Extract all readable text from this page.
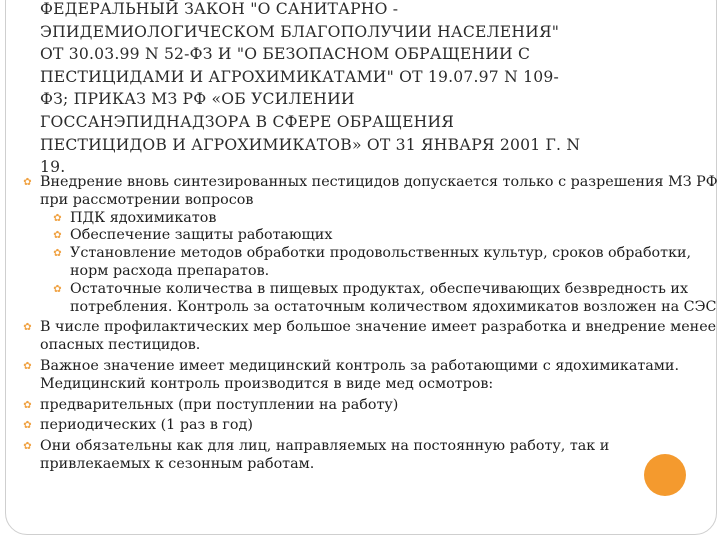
ФЕДЕРАЛЬНЫЙ ЗАКОН "О САНИТАРНО -
ЭПИДЕМИОЛОГИЧЕСКОМ БЛАГОПОЛУЧИИ НАСЕЛЕНИЯ"
ОТ 30.03.99 N 52-ФЗ И "О БЕЗОПАСНОМ ОБРАЩЕНИИ С
ПЕСТИЦИДАМИ И АГРОХИМИКАТАМИ" ОТ 19.07.97 N 109-
ФЗ; ПРИКАЗ МЗ РФ «ОБ УСИЛЕНИИ
ГОССАНЭПИДНАДЗОРА В СФЕРЕ ОБРАЩЕНИЯ
ПЕСТИЦИДОВ И АГРОХИМИКАТОВ» ОТ 31 ЯНВАРЯ 2001 Г. N
19.
✿ Внедрение вновь синтезированных пестицидов допускается только с разрешения МЗ РФ при рассмотрении вопросов
✿ ПДК ядохимикатов
✿ Обеспечение защиты работающих
✿ Установление методов обработки продовольственных культур, сроков обработки, норм расхода препаратов.
✿ Остаточные количества в пищевых продуктах, обеспечивающих безвредность их потребления. Контроль за остаточным количеством ядохимикатов возложен на СЭС
✿ В числе профилактических мер большое значение имеет разработка и внедрение менее опасных пестицидов.
✿ Важное значение имеет медицинский контроль за работающими с ядохимикатами. Медицинский контроль производится в виде мед осмотров:
✿ предварительных (при поступлении на работу)
✿ периодических (1 раз в год)
✿ Они обязательны как для лиц, направляемых на постоянную работу, так и привлекаемых к сезонным работам.
